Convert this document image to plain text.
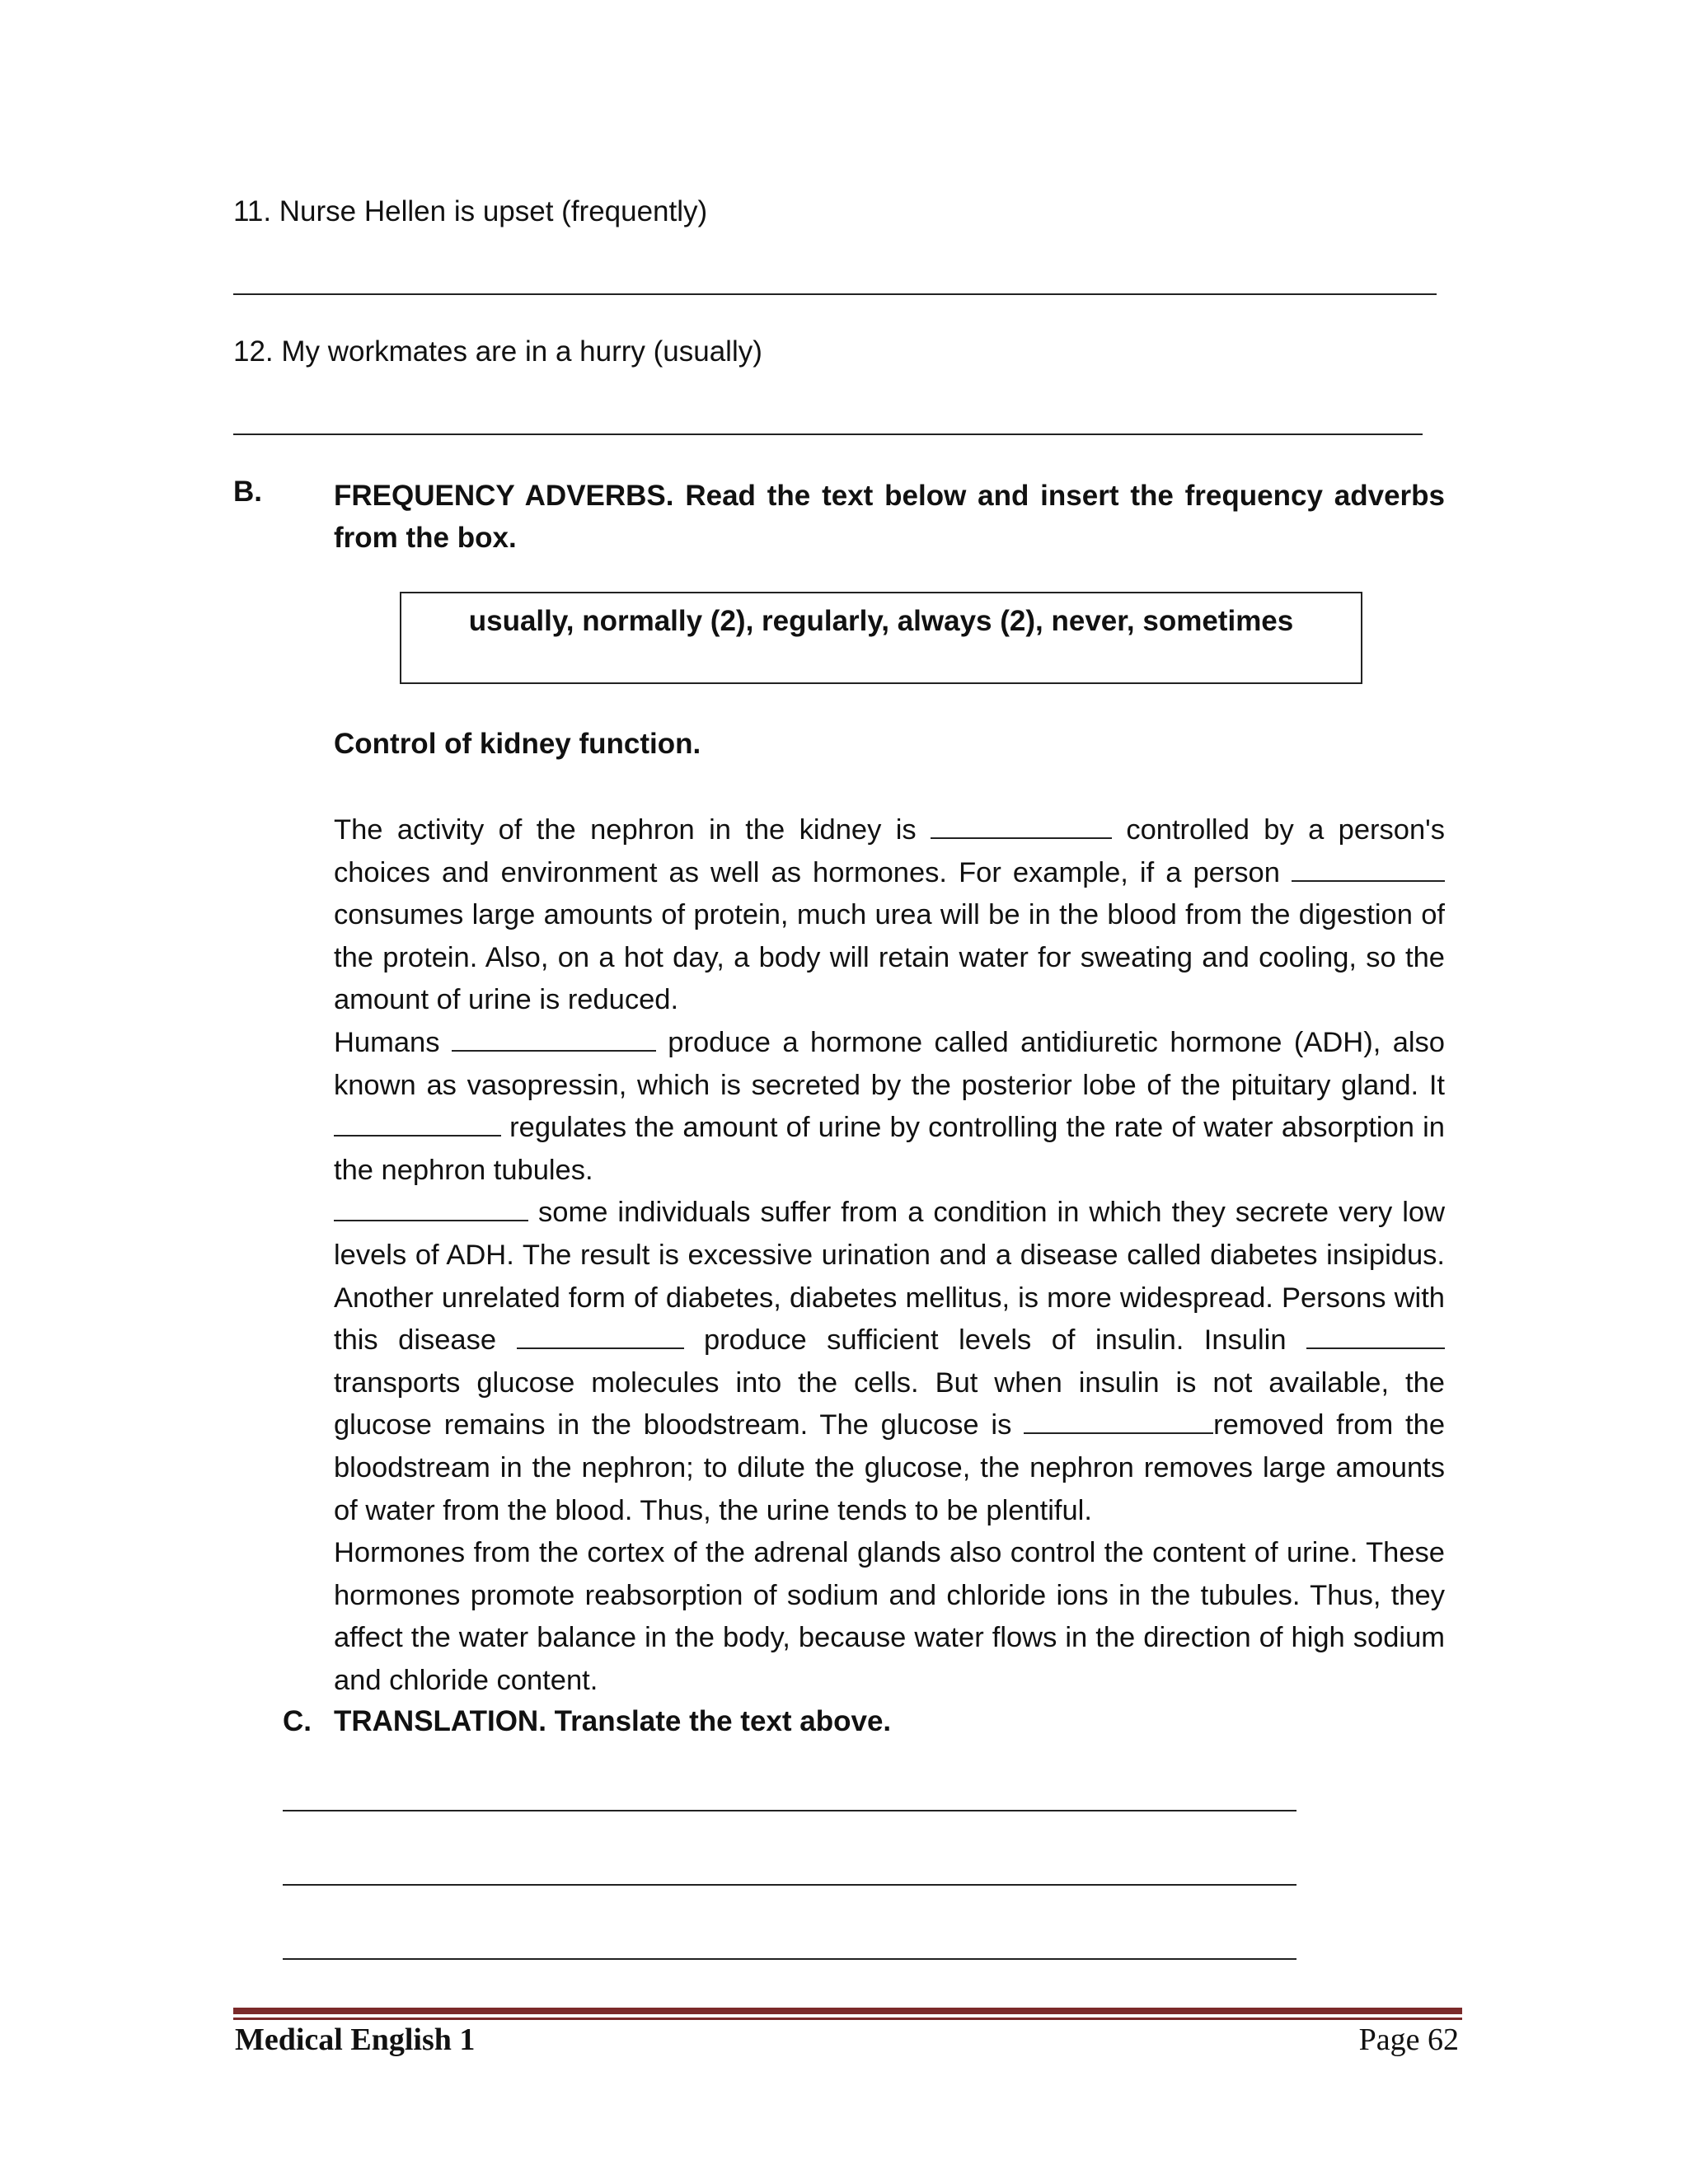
11. Nurse Hellen is upset (frequently)
12. My workmates are in a hurry (usually)
B. FREQUENCY ADVERBS. Read the text below and insert the frequency adverbs from the box.
usually, normally (2), regularly, always (2), never, sometimes
Control of kidney function.

The activity of the nephron in the kidney is	controlled by a person's choices and environment as well as hormones. For example, if a person  consumes large amounts of protein, much urea will be in the blood from the digestion of the protein. Also, on a hot day, a body will retain water for sweating and cooling, so the amount of urine is reduced.

Humans	produce a hormone called antidiuretic hormone (ADH), also known as vasopressin, which is secreted by the posterior lobe of the pituitary gland. It  regulates the amount of urine by controlling the rate of water absorption in the nephron tubules.

some individuals suffer from a condition in which they secrete very low levels of ADH. The result is excessive urination and a disease called diabetes insipidus. Another unrelated form of diabetes, diabetes mellitus, is more widespread. Persons with this disease	produce sufficient levels of insulin. Insulin  transports glucose molecules into the cells. But when insulin is not available, the glucose remains in the bloodstream. The glucose is	removed from the bloodstream in the nephron; to dilute the glucose, the nephron removes large amounts of water from the blood. Thus, the urine tends to be plentiful.

Hormones from the cortex of the adrenal glands also control the content of urine. These hormones promote reabsorption of sodium and chloride ions in the tubules. Thus, they affect the water balance in the body, because water flows in the direction of high sodium and chloride content.

C. TRANSLATION. Translate the text above.
Medical English 1	Page 62
